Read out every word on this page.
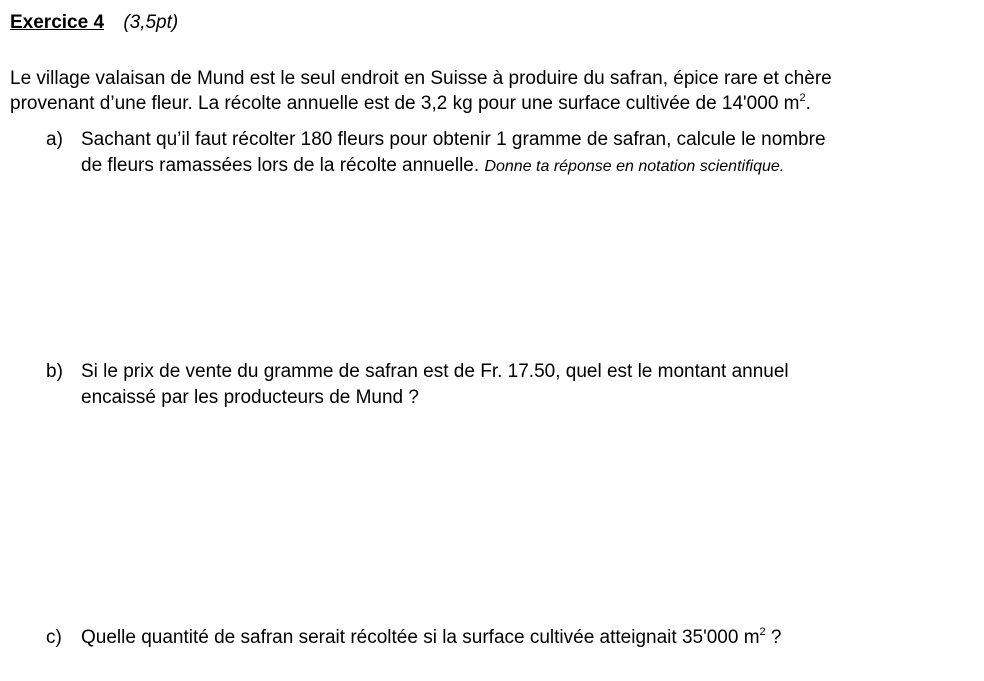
Exercice 4 (3,5pt)

Le village valaisan de Mund est le seul endroit en Suisse à produire du safran, épice rare et chère

provenant d’une fleur. La récolte annuelle est de 3,2 kg pour une surface cultivée de 14'000 $m^2$.

a) Sachant qu’il faut récolter 180 fleurs pour obtenir 1 gramme de safran, calcule le nombre

de fleurs ramassées lors de la récolte annuelle. Donne ta réponse en notation scientifique.

b) Si le prix de vente du gramme de safran est de Fr. 17.50, quel est le montant annuel

encaissé par les producteurs de Mund ?

c)	Quelle quantité de safran serait récoltée si la surface cultivée atteignait 35'000 $m^2$ ?
